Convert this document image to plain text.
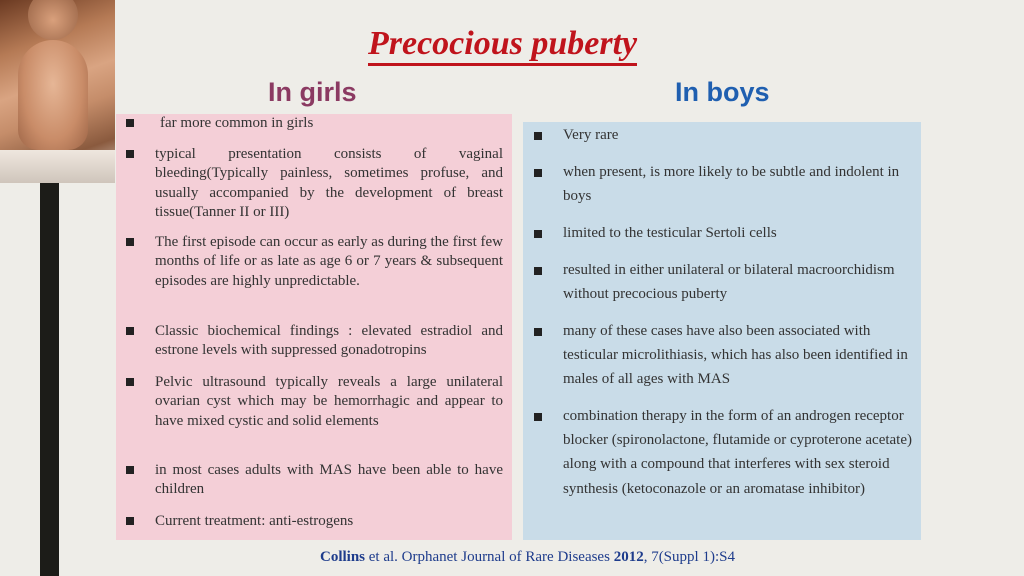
Precocious puberty
In girls	In boys
far more common in girls
typical presentation consists of vaginal bleeding(Typically painless, sometimes profuse, and usually accompanied by the development of breast tissue(Tanner II or III)
The first episode can occur as early as during the first few months of life or as late as age 6 or 7 years & subsequent episodes are highly unpredictable.
Classic biochemical findings : elevated estradiol and estrone levels with suppressed gonadotropins
Pelvic ultrasound typically reveals a large unilateral ovarian cyst which may be hemorrhagic and appear to have mixed cystic and solid elements
in most cases adults with MAS have been able to have children
Current treatment: anti-estrogens
Very rare
when present, is more likely to be subtle and indolent in boys
limited to the testicular Sertoli cells
resulted in either unilateral or bilateral macroorchidism without precocious puberty
many of these cases have also been associated with testicular microlithiasis, which has also been identified in males of all ages with MAS
combination therapy in the form of an androgen receptor blocker (spironolactone, flutamide or cyproterone acetate) along with a compound that interferes with sex steroid synthesis (ketoconazole or an aromatase inhibitor)

Collins et al. Orphanet Journal of Rare Diseases 2012, 7(Suppl 1):S4
